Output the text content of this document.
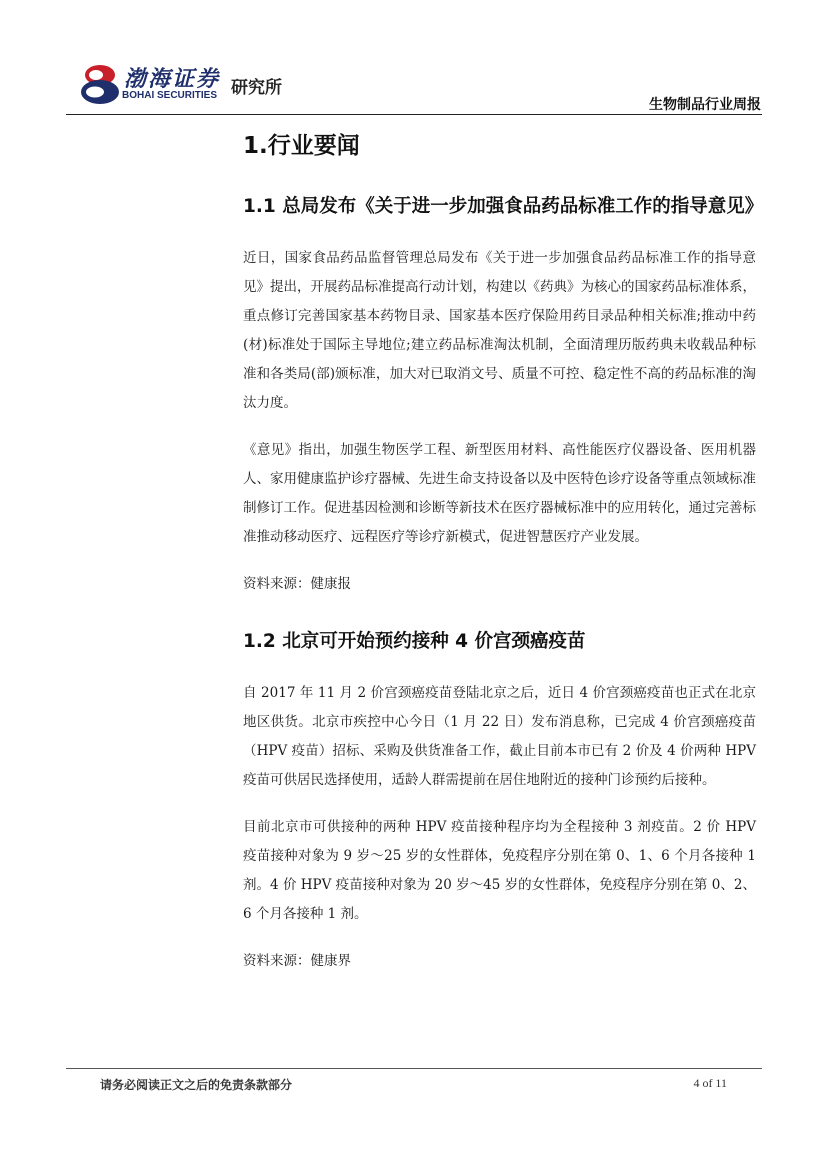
渤海证券
BOHAI SECURITIES 研究所
生物制品行业周报
1.行业要闻
1.1 总局发布《关于进一步加强食品药品标准工作的指导意见》

近日，国家食品药品监督管理总局发布《关于进一步加强食品药品标准工作的指导意见》提出，开展药品标准提高行动计划，构建以《药典》为核心的国家药品标准体系，重点修订完善国家基本药物目录、国家基本医疗保险用药目录品种相关标准;推动中药(材)标准处于国际主导地位;建立药品标准淘汰机制，全面清理历版药典未收载品种标准和各类局(部)颁标准，加大对已取消文号、质量不可控、稳定性不高的药品标准的淘汰力度。

《意见》指出，加强生物医学工程、新型医用材料、高性能医疗仪器设备、医用机器人、家用健康监护诊疗器械、先进生命支持设备以及中医特色诊疗设备等重点领域标准制修订工作。促进基因检测和诊断等新技术在医疗器械标准中的应用转化，通过完善标准推动移动医疗、远程医疗等诊疗新模式，促进智慧医疗产业发展。

资料来源：健康报

1.2 北京可开始预约接种 4 价宫颈癌疫苗

自 2017 年 11 月 2 价宫颈癌疫苗登陆北京之后，近日 4 价宫颈癌疫苗也正式在北京地区供货。北京市疾控中心今日（1 月 22 日）发布消息称，已完成 4 价宫颈癌疫苗（HPV 疫苗）招标、采购及供货准备工作，截止目前本市已有 2 价及 4 价两种 HPV 疫苗可供居民选择使用，适龄人群需提前在居住地附近的接种门诊预约后接种。

目前北京市可供接种的两种 HPV 疫苗接种程序均为全程接种 3 剂疫苗。2 价 HPV 疫苗接种对象为 9 岁～25 岁的女性群体，免疫程序分别在第 0、1、6 个月各接种 1 剂。4 价 HPV 疫苗接种对象为 20 岁～45 岁的女性群体，免疫程序分别在第 0、2、6 个月各接种 1 剂。

资料来源：健康界

请务必阅读正文之后的免责条款部分	4 of 11
